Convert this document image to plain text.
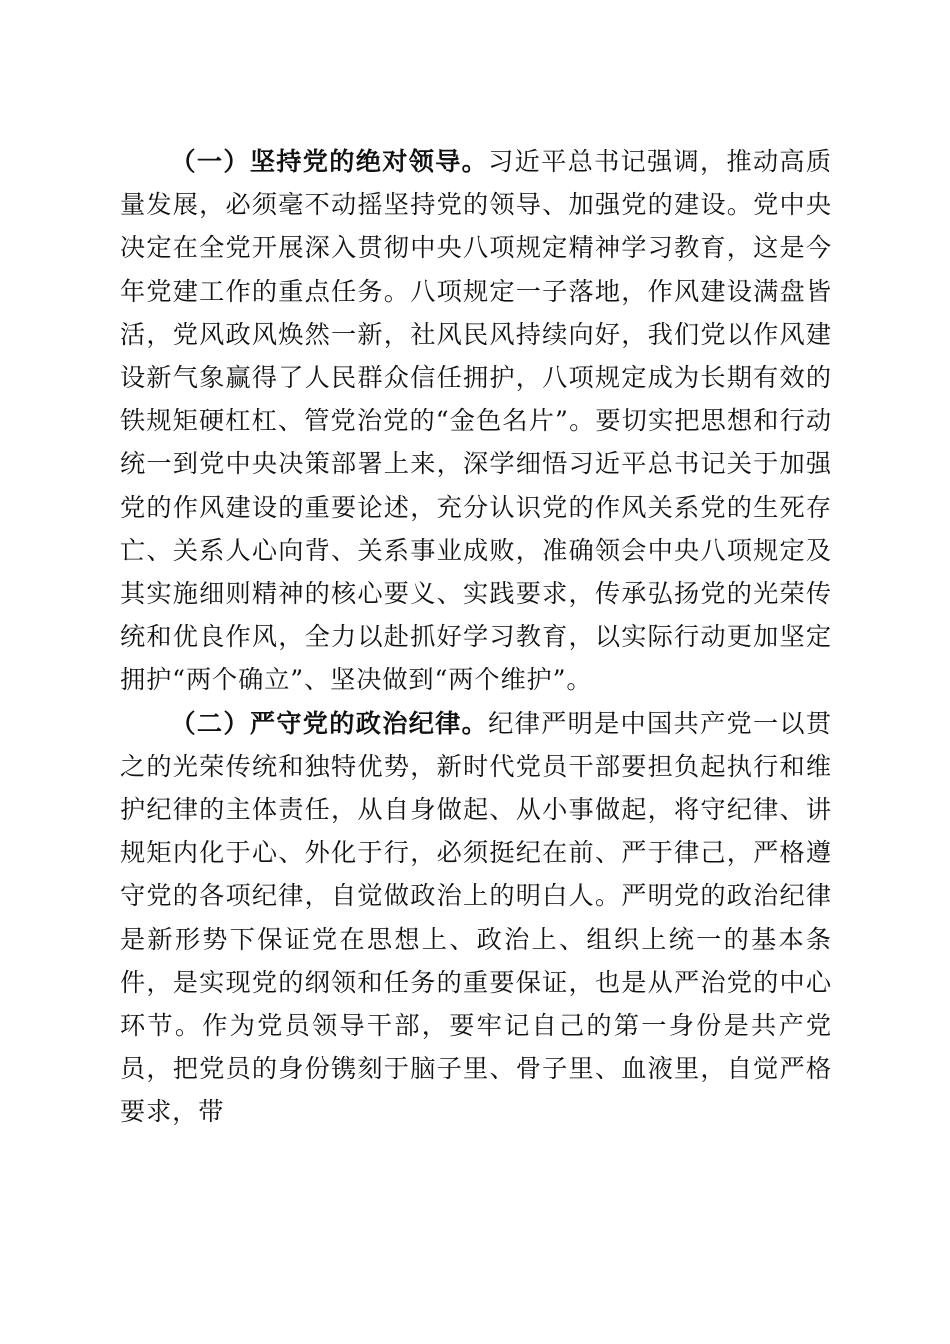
（一）坚持党的绝对领导。习近平总书记强调，推动高质量发展，必须毫不动摇坚持党的领导、加强党的建设。党中央决定在全党开展深入贯彻中央八项规定精神学习教育，这是今年党建工作的重点任务。八项规定一子落地，作风建设满盘皆活，党风政风焕然一新，社风民风持续向好，我们党以作风建设新气象赢得了人民群众信任拥护，八项规定成为长期有效的铁规矩硬杠杠、管党治党的“金色名片”。要切实把思想和行动统一到党中央决策部署上来，深学细悟习近平总书记关于加强党的作风建设的重要论述，充分认识党的作风关系党的生死存亡、关系人心向背、关系事业成败，准确领会中央八项规定及其实施细则精神的核心要义、实践要求，传承弘扬党的光荣传统和优良作风，全力以赴抓好学习教育，以实际行动更加坚定拥护“两个确立”、坚决做到“两个维护”。

（二）严守党的政治纪律。纪律严明是中国共产党一以贯之的光荣传统和独特优势，新时代党员干部要担负起执行和维护纪律的主体责任，从自身做起、从小事做起，将守纪律、讲规矩内化于心、外化于行，必须挺纪在前、严于律己，严格遵守党的各项纪律，自觉做政治上的明白人。严明党的政治纪律是新形势下保证党在思想上、政治上、组织上统一的基本条件，是实现党的纲领和任务的重要保证，也是从严治党的中心环节。作为党员领导干部，要牢记自己的第一身份是共产党员，把党员的身份镌刻于脑子里、骨子里、血液里，自觉严格要求，带
